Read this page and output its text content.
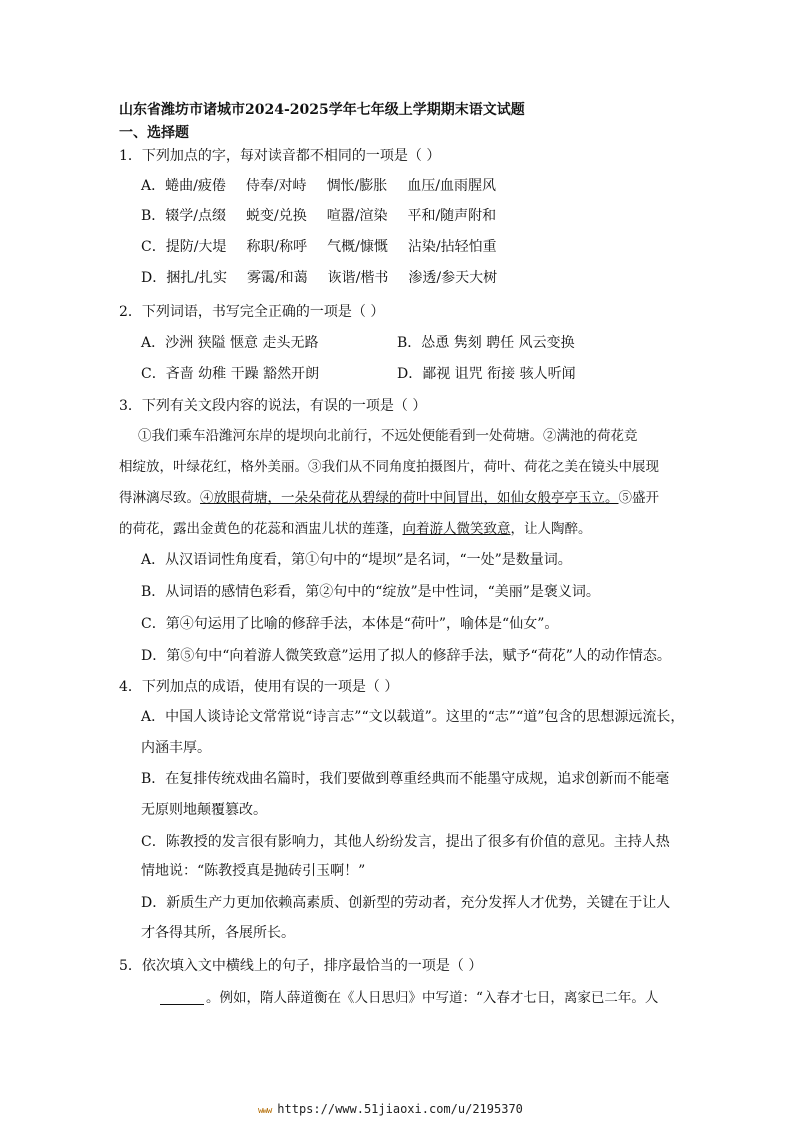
山东省潍坊市诸城市2024-2025学年七年级上学期期末语文试题
一、选择题
1．下列加点的字，每对读音都不相同的一项是（ ）
A．蜷曲/疲倦 侍奉/对峙 惆怅/膨胀 血压/血雨腥风
B．辍学/点缀 蜕变/兑换 喧嚣/渲染 平和/随声附和
C．提防/大堤 称职/称呼 气概/慷慨 沾染/拈轻怕重
D．捆扎/扎实 雾霭/和蔼 诙谐/楷书 渗透/参天大树
2．下列词语，书写完全正确的一项是（ ）
A．沙洲 狭隘 惬意 走头无路	B．怂恿 隽刻 聘任 风云变换
C．吝啬 幼稚 干躁 豁然开朗	D．鄙视 诅咒 衔接 骇人听闻
3．下列有关文段内容的说法，有误的一项是（ ）
①我们乘车沿潍河东岸的堤坝向北前行，不远处便能看到一处荷塘。②满池的荷花竞
相绽放，叶绿花红，格外美丽。③我们从不同角度拍摄图片，荷叶、荷花之美在镜头中展现
得淋漓尽致。④放眼荷塘，一朵朵荷花从碧绿的荷叶中间冒出，如仙女般亭亭玉立。⑤盛开
的荷花，露出金黄色的花蕊和酒盅儿状的莲蓬，向着游人微笑致意，让人陶醉。
A．从汉语词性角度看，第①句中的“堤坝”是名词，“一处”是数量词。
B．从词语的感情色彩看，第②句中的“绽放”是中性词，“美丽”是褒义词。
C．第④句运用了比喻的修辞手法，本体是“荷叶”，喻体是“仙女”。
D．第⑤句中“向着游人微笑致意”运用了拟人的修辞手法，赋予“荷花”人的动作情态。
4．下列加点的成语，使用有误的一项是（ ）
A．中国人谈诗论文常常说“诗言志”“文以载道”。这里的“志”“道”包含的思想源远流长，
内涵丰厚。
B．在复排传统戏曲名篇时，我们要做到尊重经典而不能墨守成规，追求创新而不能毫
无原则地颠覆篡改。
C．陈教授的发言很有影响力，其他人纷纷发言，提出了很多有价值的意见。主持人热
情地说：“陈教授真是抛砖引玉啊！”
D．新质生产力更加依赖高素质、创新型的劳动者，充分发挥人才优势，关键在于让人
才各得其所，各展所长。
5．依次填入文中横线上的句子，排序最恰当的一项是（ ）
。例如，隋人薛道衡在《人日思归》中写道：“入春才七日，离家已二年。人
www https://www.51jiaoxi.com/u/2195370
